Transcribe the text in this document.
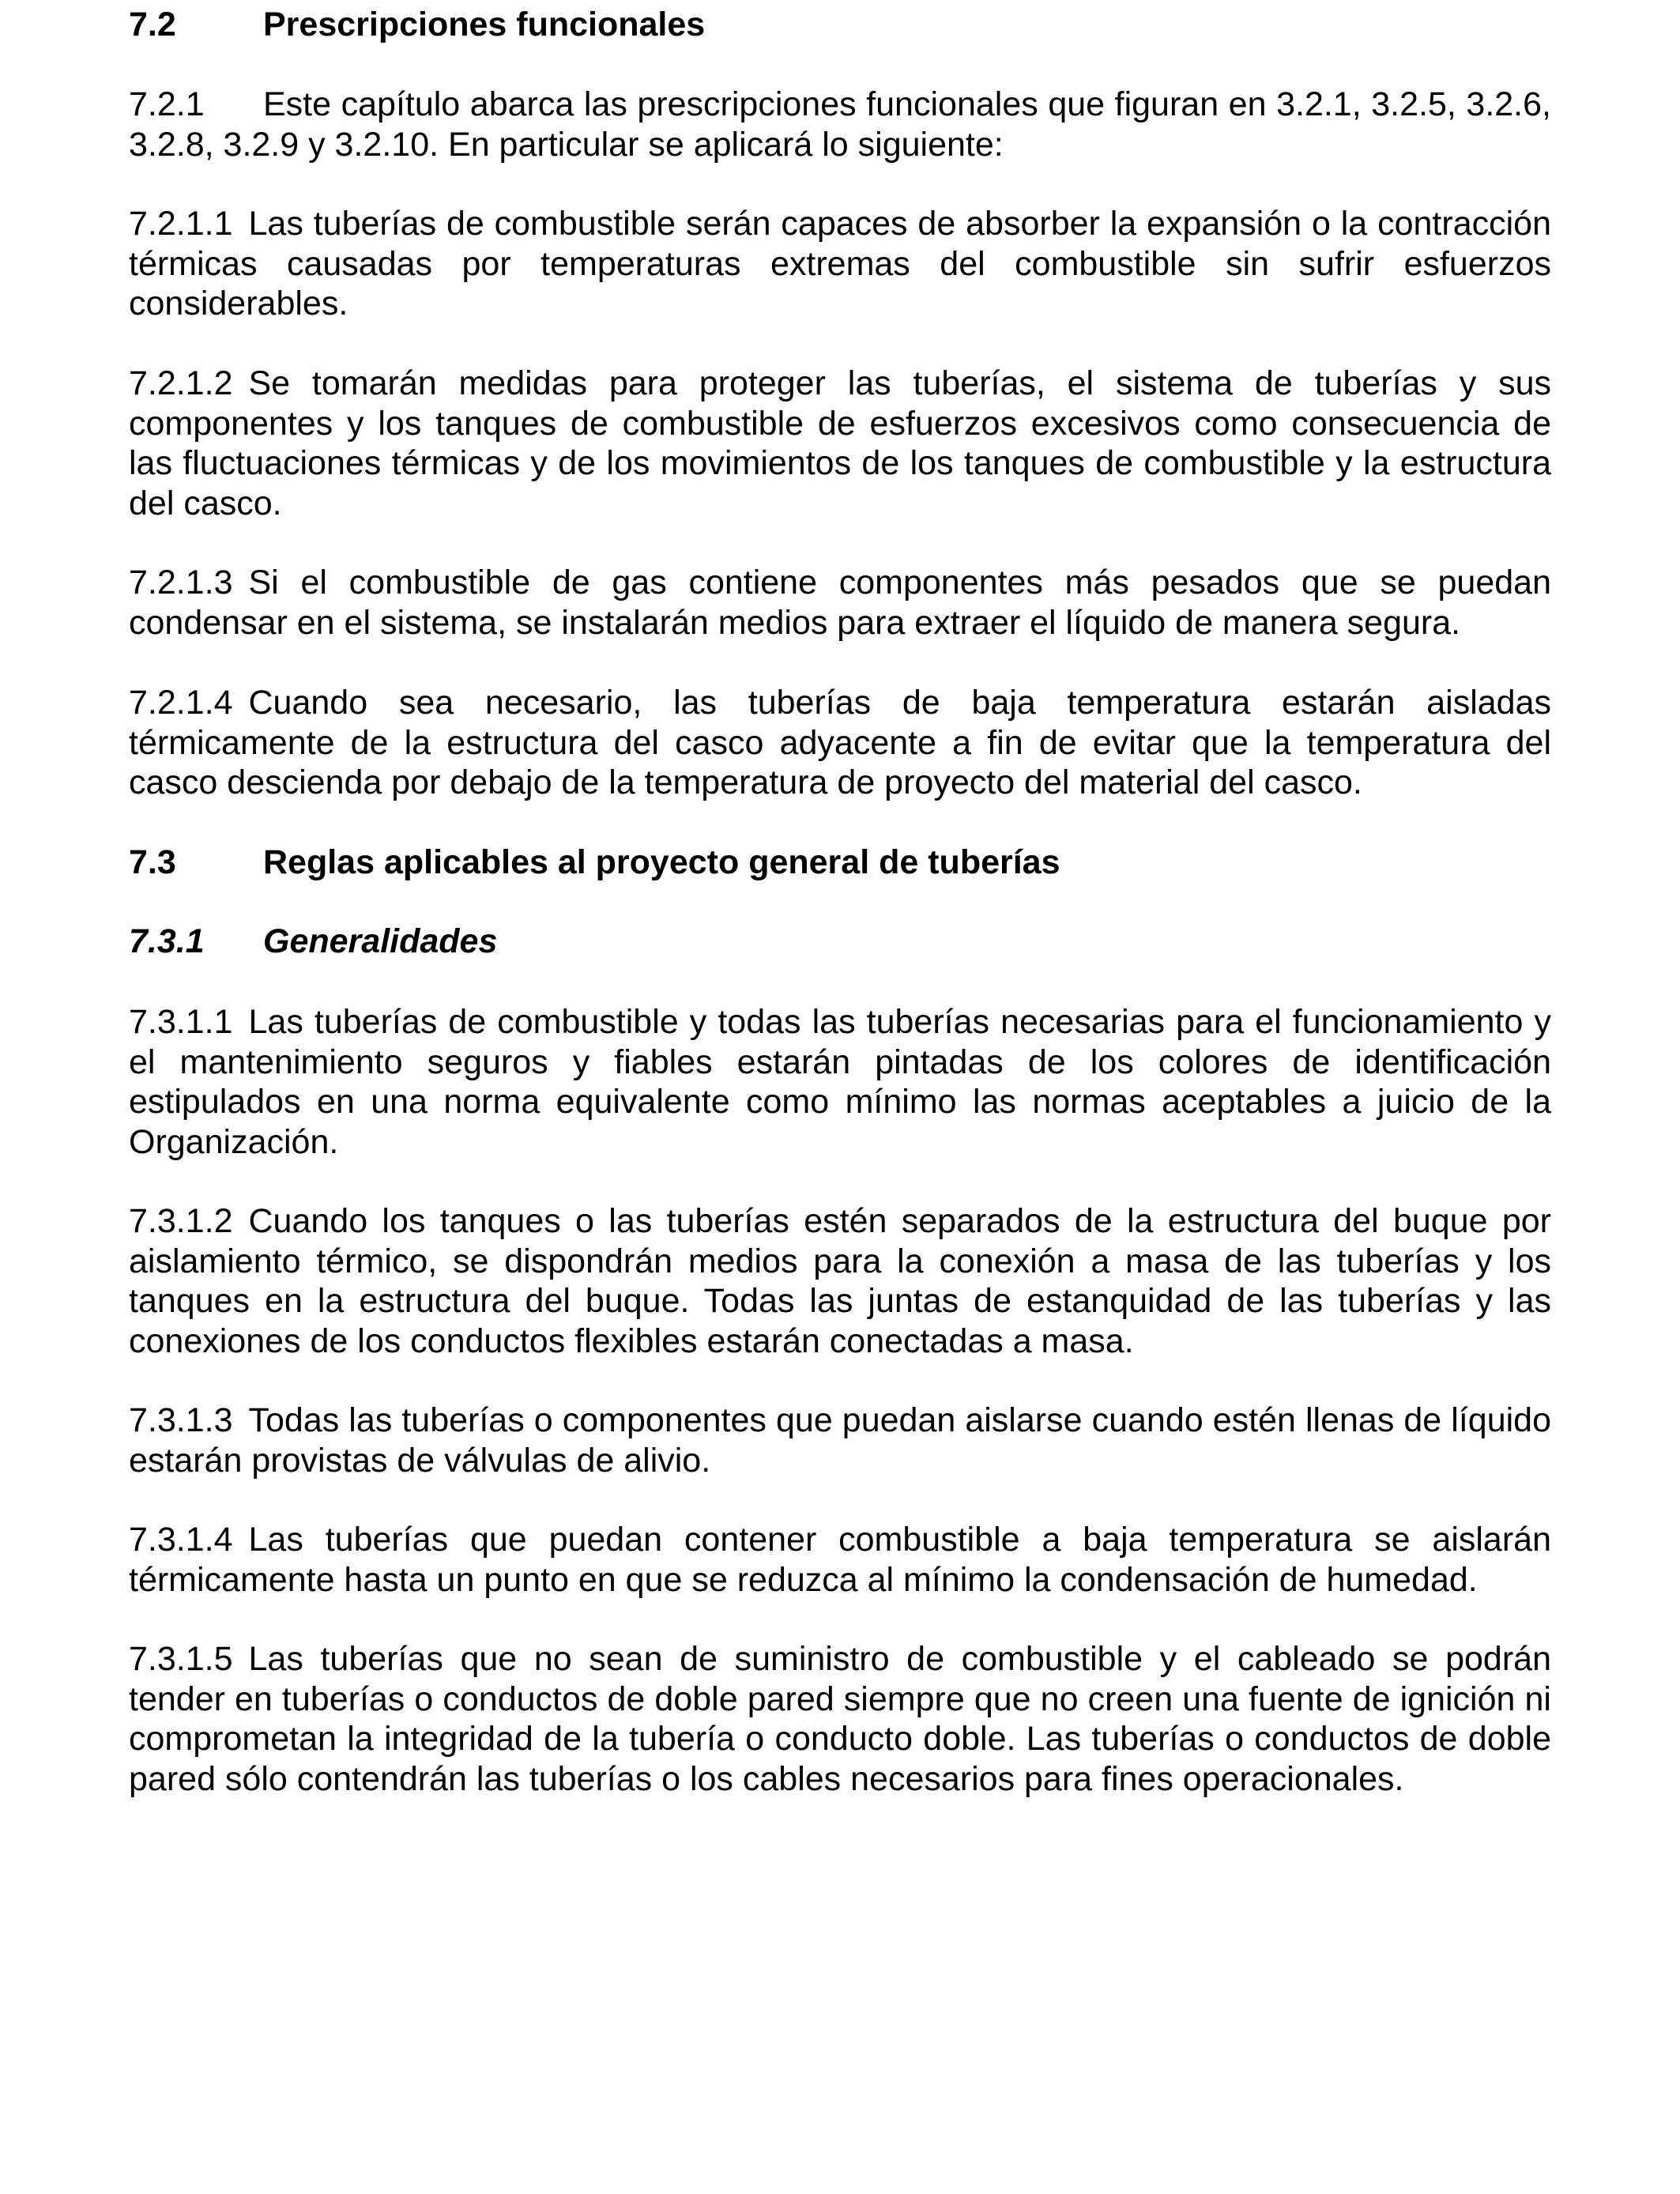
7.2	Prescripciones funcionales
7.2.1 Este capítulo abarca las prescripciones funcionales que figuran en 3.2.1, 3.2.5, 3.2.6, 3.2.8, 3.2.9 y 3.2.10. En particular se aplicará lo siguiente:
7.2.1.1 Las tuberías de combustible serán capaces de absorber la expansión o la contracción térmicas causadas por temperaturas extremas del combustible sin sufrir esfuerzos considerables.
7.2.1.2 Se tomarán medidas para proteger las tuberías, el sistema de tuberías y sus componentes y los tanques de combustible de esfuerzos excesivos como consecuencia de las fluctuaciones térmicas y de los movimientos de los tanques de combustible y la estructura del casco.
7.2.1.3 Si el combustible de gas contiene componentes más pesados que se puedan condensar en el sistema, se instalarán medios para extraer el líquido de manera segura.
7.2.1.4 Cuando sea necesario, las tuberías de baja temperatura estarán aisladas térmicamente de la estructura del casco adyacente a fin de evitar que la temperatura del casco descienda por debajo de la temperatura de proyecto del material del casco.
7.3	Reglas aplicables al proyecto general de tuberías
7.3.1 Generalidades
7.3.1.1 Las tuberías de combustible y todas las tuberías necesarias para el funcionamiento y el mantenimiento seguros y fiables estarán pintadas de los colores de identificación estipulados en una norma equivalente como mínimo las normas aceptables a juicio de la Organización.
7.3.1.2 Cuando los tanques o las tuberías estén separados de la estructura del buque por aislamiento térmico, se dispondrán medios para la conexión a masa de las tuberías y los tanques en la estructura del buque. Todas las juntas de estanquidad de las tuberías y las conexiones de los conductos flexibles estarán conectadas a masa.
7.3.1.3 Todas las tuberías o componentes que puedan aislarse cuando estén llenas de líquido estarán provistas de válvulas de alivio.
7.3.1.4 Las tuberías que puedan contener combustible a baja temperatura se aislarán térmicamente hasta un punto en que se reduzca al mínimo la condensación de humedad.
7.3.1.5 Las tuberías que no sean de suministro de combustible y el cableado se podrán tender en tuberías o conductos de doble pared siempre que no creen una fuente de ignición ni comprometan la integridad de la tubería o conducto doble. Las tuberías o conductos de doble pared sólo contendrán las tuberías o los cables necesarios para fines operacionales.
